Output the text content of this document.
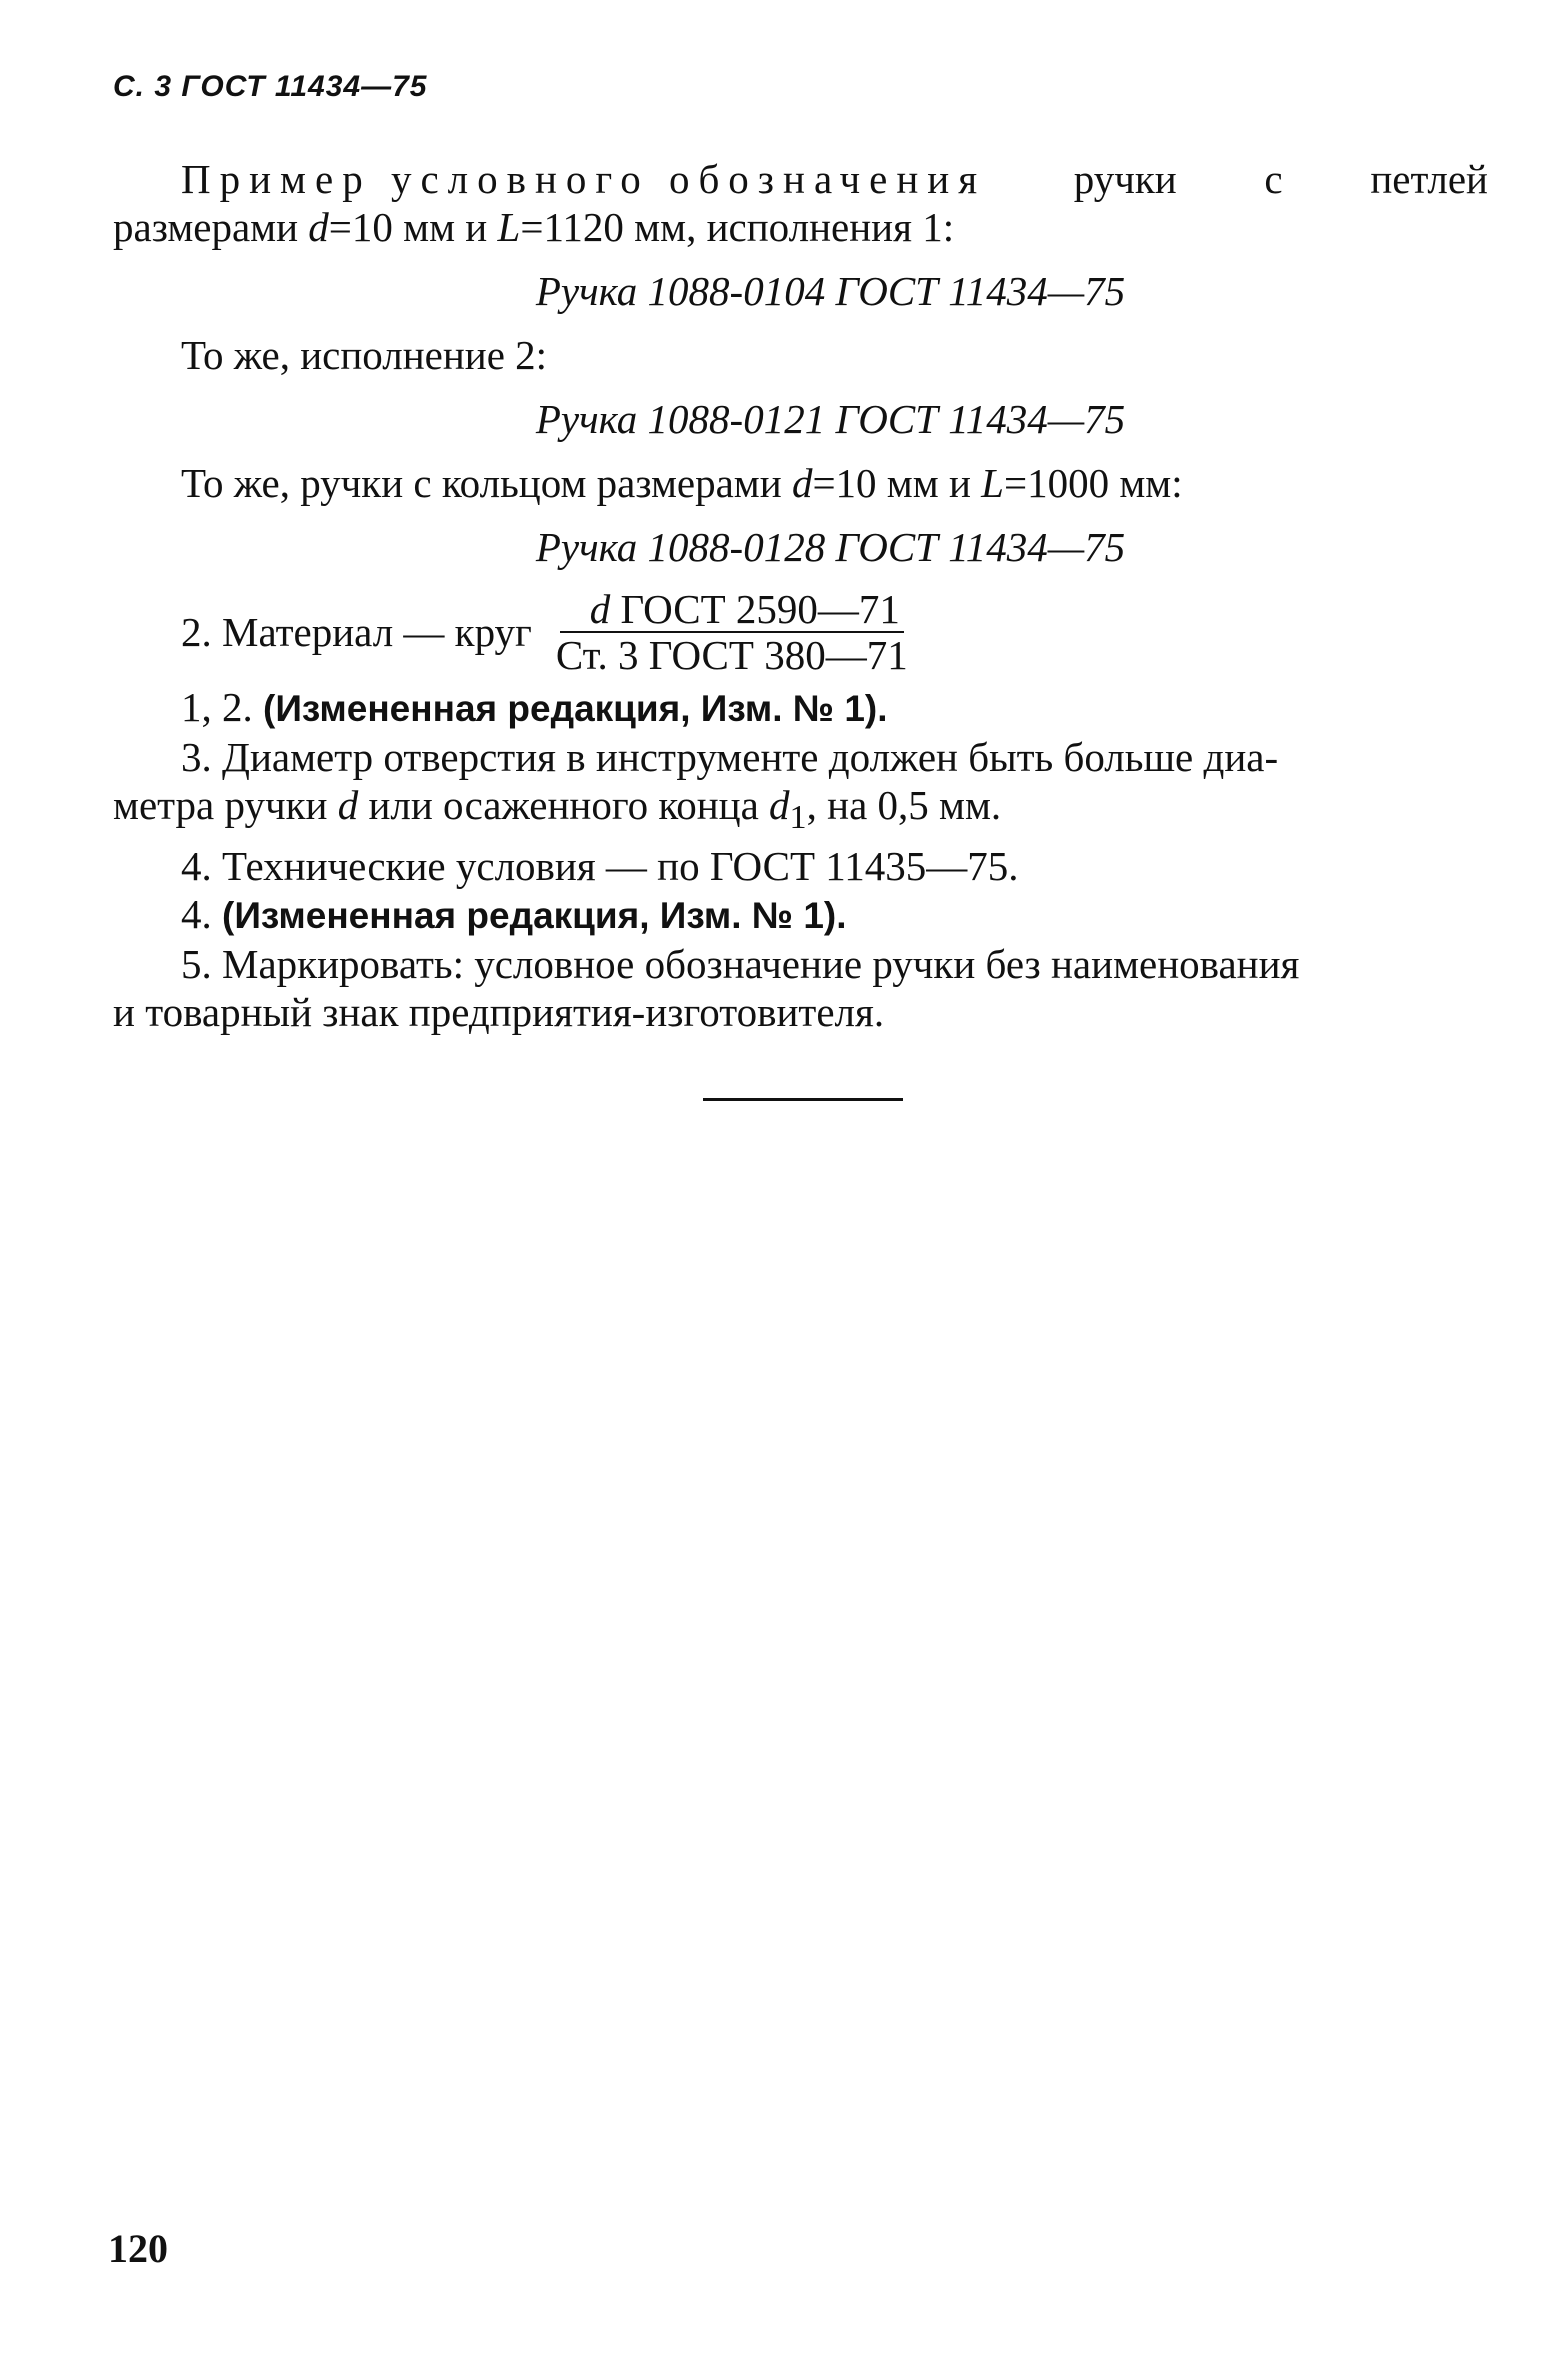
С. 3 ГОСТ 11434—75
Пример условного обозначения ручки с петлей

размерами d=10 мм и L=1120 мм, исполнения 1:

Ручка 1088-0104 ГОСТ 11434—75

То же, исполнение 2:

Ручка 1088-0121 ГОСТ 11434—75

То же, ручки с кольцом размерами d=10 мм и L=1000 мм:

Ручка 1088-0128 ГОСТ 11434—75

2. Материал — круг $\frac{\text{d ГОСТ 2590—71}}{\text{Ст. 3 ГОСТ 380—71}}$

1, 2. (Измененная редакция, Изм. № 1).

3. Диаметр отверстия в инструменте должен быть больше диа-

метра ручки d или осаженного конца $d_1$, на 0,5 мм.

4. Технические условия — по ГОСТ 11435—75.

4. (Измененная редакция, Изм. № 1).

5. Маркировать: условное обозначение ручки без наименования

и товарный знак предприятия-изготовителя.

120
